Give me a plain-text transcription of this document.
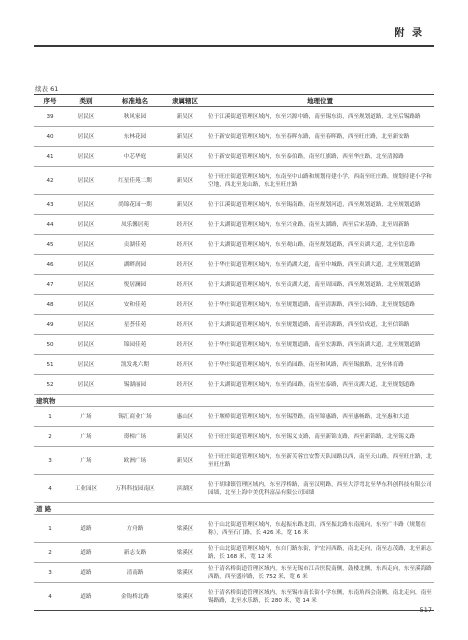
附 录
续表 61
序号	类别	标准地名	隶属辖区	地理位置
39	居民区	秋风家园	新吴区	位于江溪街道管理区域内，东至兴源中路，南至锡东街，西至规划道路，北至后锡路路
40	居民区	东林花园	新吴区	位于新安街道管理区域内，东至春晖东路，南至春晖路，西至旺庄路，北至新安路
41	居民区	中芯华庭	新吴区	位于新安街道管理区域内，东至泰伯路，南至红旗路，西至华庄路，北至清源路
42	居民区	红星佳苑二期	新吴区	位于旺庄街道管理区域内，东南至中山路和规划待建小学，西南至旺庄路，规划待建小学和空地，西北至龙山路，东北至旺庄路
43	居民区	尚锦花园一期	新吴区	位于江溪街道管理区域内，东至锡南路，南至规划河道，西至规划道路，北至规划道路
44	居民区	凤乐馨居苑	经开区	位于太湖街道管理区域内，东至兴业路，南至太湖路，西至后宋基路，北至周新路
45	居民区	贡湖佳苑	经开区	位于太湖街道管理区域内，东至观山路，南至规划道路，西至贡湖大道，北至信息路
46	居民区	湖畔润园	经开区	位于华庄街道管理区域内，东至尚湖大道，南至中城路，西至贡湖大道，北至规划道路
47	居民区	悦居澜园	经开区	位于太湖街道管理区域内，东至贡湖大道，南至周园路，西至规划道路，北至规划道路
48	居民区	安和佳苑	经开区	位于华庄街道管理区域内，东至规划道路，南至清源路，西至公园路，北至规划道路
49	居民区	星荟佳苑	经开区	位于太湖街道管理区域内，东至规划道路，南至清源路，西至信成道，北至信锦路
50	居民区	锦园佳苑	经开区	位于华庄街道管理区域内，东至规划道路，南至宏源路，西至南湖大道，北至规划道路
51	居民区	凯发兆六期	经开区	位于华庄街道管理区域内，东至尚园路，南至和风路，西至锡旅路，北至体育路
52	居民区	锡湖丽园	经开区	位于太湖街道管理区域内，东至尚园路，南至宏泰路，西至贡湖大道，北至规划道路
建筑物				
1	广场	锡汇商业广场	惠山区	位于堰桥街道管理区域内，东至锡澄路，南至锦惠路，西至惠畅路，北至惠和大道
2	广场	璟樟广场	新吴区	位于旺庄街道管理区域内，东至锡义支路，南至新锦支路，西至新锦路，北至锡义路
3	广场	欧洲广场	新吴区	位于旺庄街道管理区域内，东至新芙蓉宜安警天队园路以西，南至天山路，西至旺庄路，北至旺庄路
4	工业园区	万科科技园南区	滨湖区	位于胡埭镇管理区域内，东至浮桥路，南至汉明路，西至大浮弯北至华东科创科技有限公司园墙，北至上海中美优科富品有限公司园墙
道 路				
1	道路	方舟路	梁溪区	位于山北街道管理区域内，东起振东路北街，西至振北路东南流向，东至广丰路（规划在称），西至石门路，长 426 米，宽 16 米
2	道路	新志支路	梁溪区	位于山北街道管理区域内，东自门路东街，沪宏河西路，南北走向，南至志茂路，北至新志路，长 168 米，宽 12 米
3	道路	清南路	梁溪区	位于清名桥街道管理区域内，东至无锡市江音医院南侧，鼓楼北侧，东西走向，东至溪海路西路，西至盛岸路，长 752 米，宽 6 米
4	道路	金钩桥北路	梁溪区	位于清名桥街道管理区域内，东至锡市南长街小学东侧，东南角西会南侧，南北走向，南至锡路路，北至水乐路，长 280 米，宽 14 米
517
